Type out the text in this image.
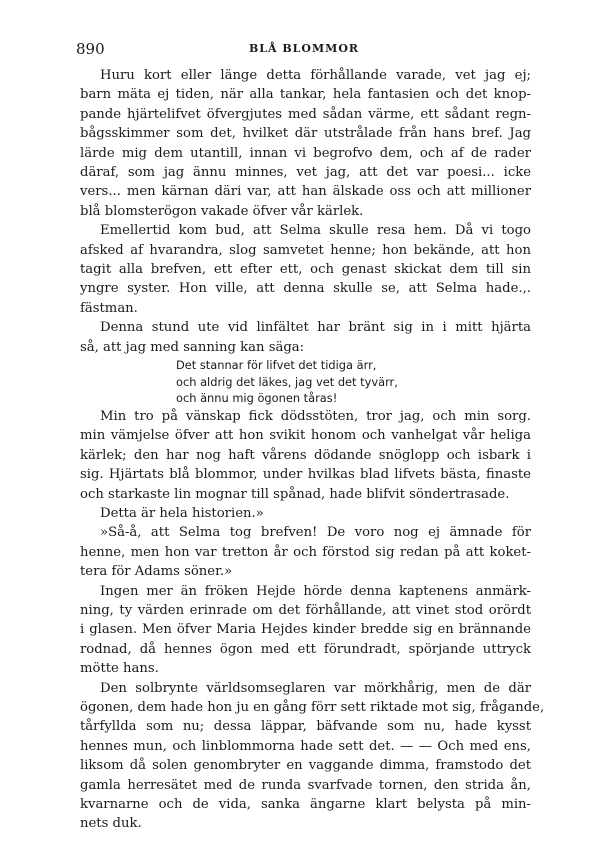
890	BLÅ BLOMMOR
Huru kort eller länge detta förhållande varade, vet jag ej;
barn mäta ej tiden, när alla tankar, hela fantasien och det knop-
pande hjärtelifvet öfvergjutes med sådan värme, ett sådant regn-
bågsskimmer som det, hvilket där utstrålade från hans bref. Jag
lärde mig dem utantill, innan vi begrofvo dem, och af de rader
däraf, som jag ännu minnes, vet jag, att det var poesi... icke
vers... men kärnan däri var, att han älskade oss och att millioner
blå blomsterögon vakade öfver vår kärlek.
Emellertid kom bud, att Selma skulle resa hem. Då vi togo
afsked af hvarandra, slog samvetet henne; hon bekände, att hon
tagit alla brefven, ett efter ett, och genast skickat dem till sin
yngre syster. Hon ville, att denna skulle se, att Selma hade.,.
fästman.
Denna stund ute vid linfältet har bränt sig in i mitt hjärta
så, att jag med sanning kan säga:
Det stannar för lifvet det tidiga ärr,
och aldrig det läkes, jag vet det tyvärr,
och ännu mig ögonen tåras!
Min tro på vänskap fick dödsstöten, tror jag, och min sorg.
min vämjelse öfver att hon svikit honom och vanhelgat vår heliga
kärlek; den har nog haft vårens dödande snöglopp och isbark i
sig. Hjärtats blå blommor, under hvilkas blad lifvets bästa, finaste
och starkaste lin mognar till spånad, hade blifvit söndertrasade.
Detta är hela historien.»
»Så-å, att Selma tog brefven! De voro nog ej ämnade för
henne, men hon var tretton år och förstod sig redan på att koket-
tera för Adams söner.»
Ingen mer än fröken Hejde hörde denna kaptenens anmärk-
ning, ty värden erinrade om det förhållande, att vinet stod orördt
i glasen. Men öfver Maria Hejdes kinder bredde sig en brännande
rodnad, då hennes ögon med ett förundradt, spörjande uttryck
mötte hans.
Den solbrynte världsomseglaren var mörkhårig, men de där
ögonen, dem hade hon ju en gång förr sett riktade mot sig, frågande,
tårfyllda som nu; dessa läppar, bäfvande som nu, hade kysst
hennes mun, och linblommorna hade sett det. — — Och med ens,
liksom då solen genombryter en vaggande dimma, framstodo det
gamla herresätet med de runda svarfvade tornen, den strida ån,
kvarnarne och de vida, sanka ängarne klart belysta på min-
nets duk.
